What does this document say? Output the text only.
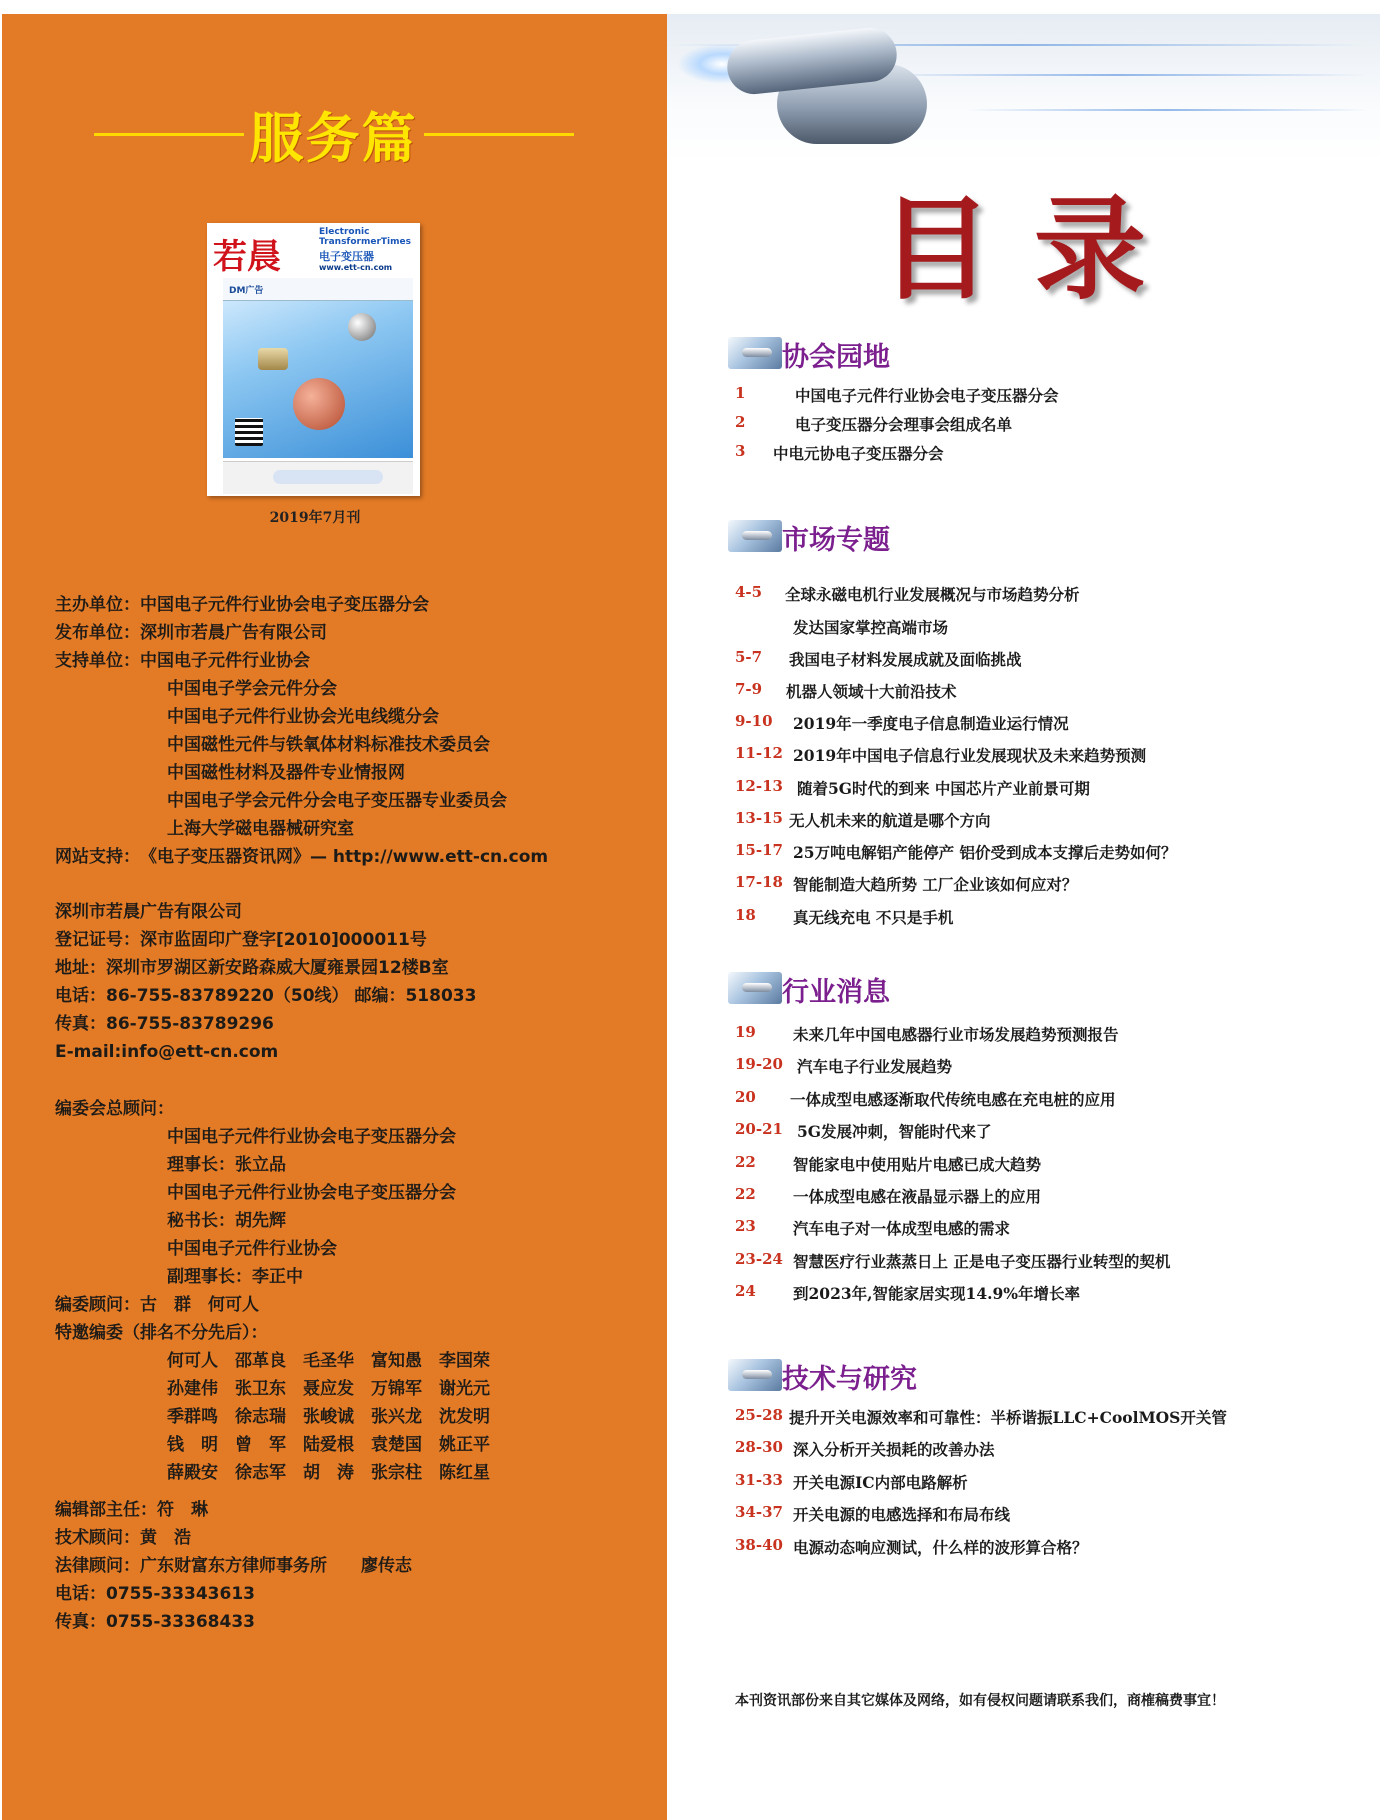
服务篇
若晨
Electronic TransformerTimes
电子变压器
www.ett-cn.com
DM广告
2019年7月刊
主办单位：中国电子元件行业协会电子变压器分会
发布单位：深圳市若晨广告有限公司
支持单位：中国电子元件行业协会
中国电子学会元件分会
中国电子元件行业协会光电线缆分会
中国磁性元件与铁氧体材料标准技术委员会
中国磁性材料及器件专业情报网
中国电子学会元件分会电子变压器专业委员会
上海大学磁电器械研究室
网站支持：《电子变压器资讯网》— http://www.ett-cn.com
深圳市若晨广告有限公司
登记证号：深市监固印广登字[2010]000011号
地址：深圳市罗湖区新安路森威大厦雍景园12楼B室
电话：86-755-83789220（50线） 邮编：518033
传真：86-755-83789296
E-mail:info@ett-cn.com
编委会总顾问：
中国电子元件行业协会电子变压器分会
理事长：张立品
中国电子元件行业协会电子变压器分会
秘书长：胡先辉
中国电子元件行业协会
副理事长：李正中
编委顾问：古　群　何可人
特邀编委（排名不分先后）：
何可人　邵革良　毛圣华　富知愚　李国荣
孙建伟　张卫东　聂应发　万锦军　谢光元
季群鸣　徐志瑞　张峻诚　张兴龙　沈发明
钱　明　曾　军　陆爱根　袁楚国　姚正平
薛殿安　徐志军　胡　涛　张宗柱　陈红星
编辑部主任：符　琳
技术顾问：黄　浩
法律顾问：广东财富东方律师事务所　　廖传志
电话：0755-33343613
传真：0755-33368433
目录
协会园地
市场专题
行业消息
技术与研究
1	中国电子元件行业协会电子变压器分会
2	电子变压器分会理事会组成名单
3 中电元协电子变压器分会
4-5 全球永磁电机行业发展概况与市场趋势分析
发达国家掌控高端市场
5-7 我国电子材料发展成就及面临挑战
7-9 机器人领域十大前沿技术
9-10 2019年一季度电子信息制造业运行情况
11-12 2019年中国电子信息行业发展现状及未来趋势预测
12-13 随着5G时代的到来 中国芯片产业前景可期
13-15 无人机未来的航道是哪个方向
15-17 25万吨电解铝产能停产 铝价受到成本支撑后走势如何？
17-18 智能制造大趋所势 工厂企业该如何应对？
18 真无线充电 不只是手机
19 未来几年中国电感器行业市场发展趋势预测报告
19-20 汽车电子行业发展趋势
20 一体成型电感逐渐取代传统电感在充电桩的应用
20-21 5G发展冲刺，智能时代来了
22 智能家电中使用贴片电感已成大趋势
22 一体成型电感在液晶显示器上的应用
23 汽车电子对一体成型电感的需求
23-24 智慧医疗行业蒸蒸日上 正是电子变压器行业转型的契机
24 到2023年,智能家居实现14.9%年增长率
25-28 提升开关电源效率和可靠性：半桥谐振LLC+CoolMOS开关管
28-30 深入分析开关损耗的改善办法
31-33 开关电源IC内部电路解析
34-37 开关电源的电感选择和布局布线
38-40 电源动态响应测试，什么样的波形算合格？
本刊资讯部份来自其它媒体及网络，如有侵权问题请联系我们，商榷稿费事宜！
